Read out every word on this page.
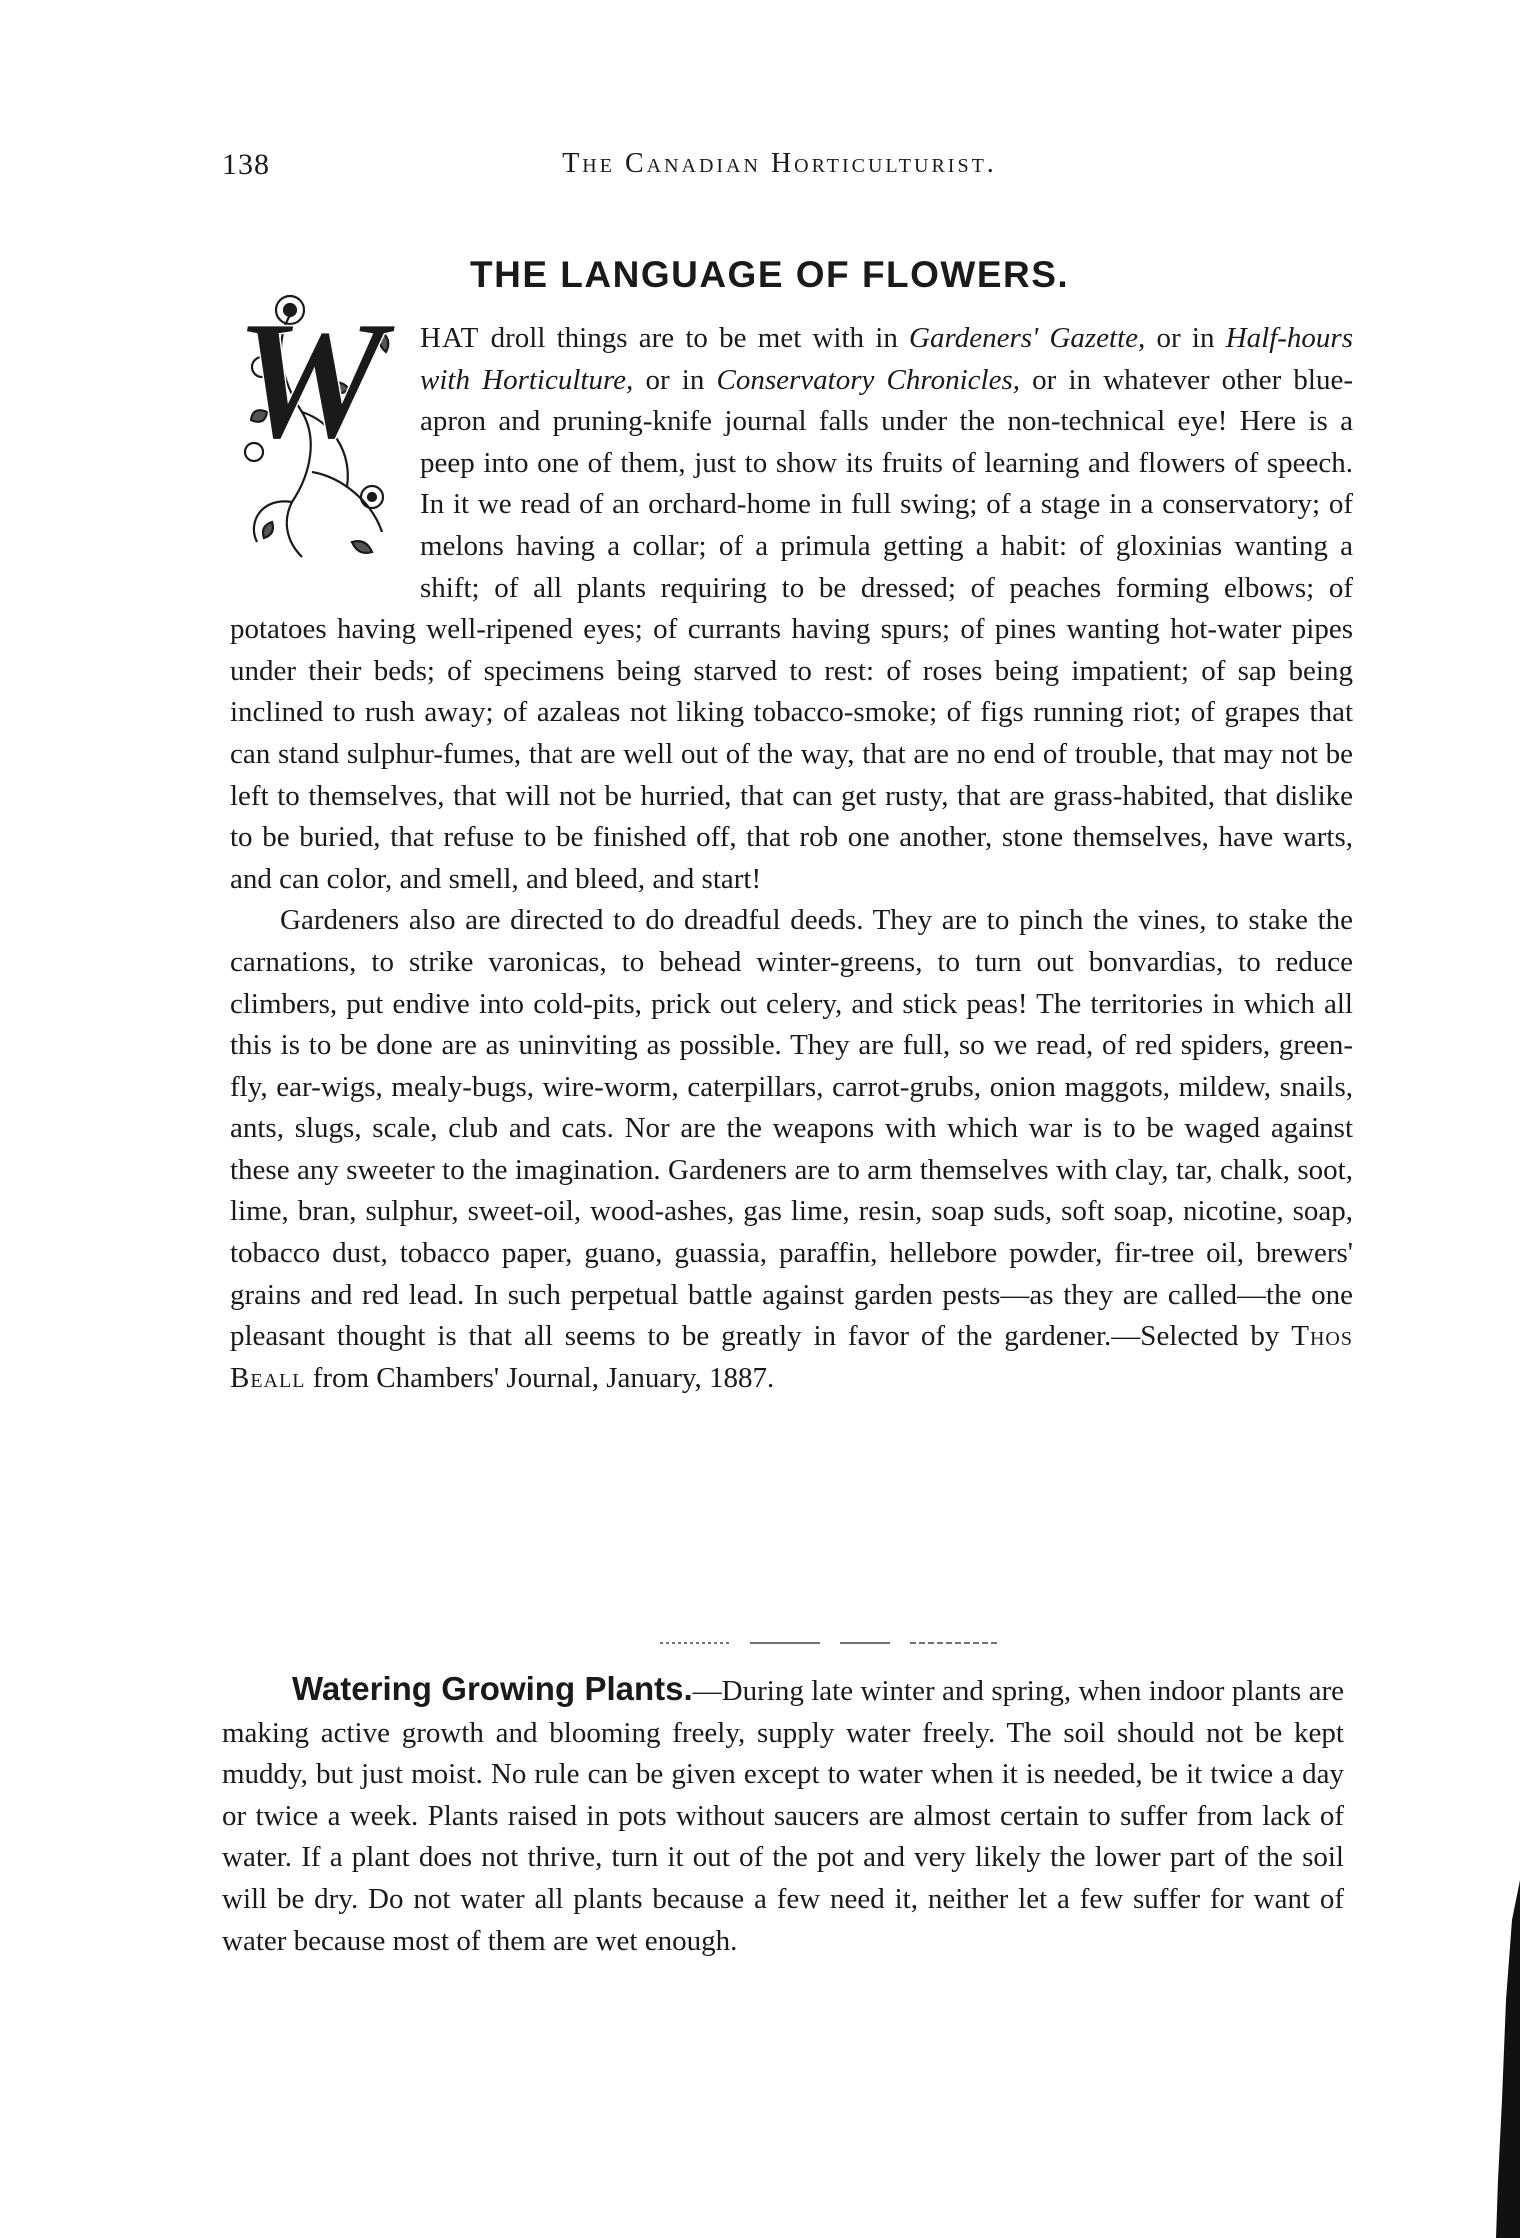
138	The Canadian Horticulturist.
THE LANGUAGE OF FLOWERS.
W	HAT droll things are to be met with in Gardeners' Gazette, or in Half-hours with Horticulture, or in Conservatory Chronicles, or in whatever other blue-apron and pruning-knife journal falls under the non-technical eye! Here is a peep into one of them, just to show its fruits of learning and flowers of speech. In it we read of an orchard-home in full swing; of a stage in a conservatory; of melons having a collar; of a primula getting a habit: of gloxinias wanting a shift; of all plants requiring to be dressed; of peaches forming elbows; of potatoes having well-ripened eyes; of currants having spurs; of pines wanting hot-water pipes under their beds; of specimens being starved to rest: of roses being impatient; of sap being inclined to rush away; of azaleas not liking tobacco-smoke; of figs running riot; of grapes that can stand sulphur-fumes, that are well out of the way, that are no end of trouble, that may not be left to themselves, that will not be hurried, that can get rusty, that are grass-habited, that dislike to be buried, that refuse to be finished off, that rob one another, stone themselves, have warts, and can color, and smell, and bleed, and start!

Gardeners also are directed to do dreadful deeds. They are to pinch the vines, to stake the carnations, to strike varonicas, to behead winter-greens, to turn out bonvardias, to reduce climbers, put endive into cold-pits, prick out celery, and stick peas! The territories in which all this is to be done are as uninviting as possible. They are full, so we read, of red spiders, green-fly, ear-wigs, mealy-bugs, wire-worm, caterpillars, carrot-grubs, onion maggots, mildew, snails, ants, slugs, scale, club and cats. Nor are the weapons with which war is to be waged against these any sweeter to the imagination. Gardeners are to arm themselves with clay, tar, chalk, soot, lime, bran, sulphur, sweet-oil, wood-ashes, gas lime, resin, soap suds, soft soap, nicotine, soap, tobacco dust, tobacco paper, guano, guassia, paraffin, hellebore powder, fir-tree oil, brewers' grains and red lead. In such perpetual battle against garden pests—as they are called—the one pleasant thought is that all seems to be greatly in favor of the gardener.—Selected by Thos Beall from Chambers' Journal, January, 1887.

Watering Growing Plants.—During late winter and spring, when indoor plants are making active growth and blooming freely, supply water freely. The soil should not be kept muddy, but just moist. No rule can be given except to water when it is needed, be it twice a day or twice a week. Plants raised in pots without saucers are almost certain to suffer from lack of water. If a plant does not thrive, turn it out of the pot and very likely the lower part of the soil will be dry. Do not water all plants because a few need it, neither let a few suffer for want of water because most of them are wet enough.
